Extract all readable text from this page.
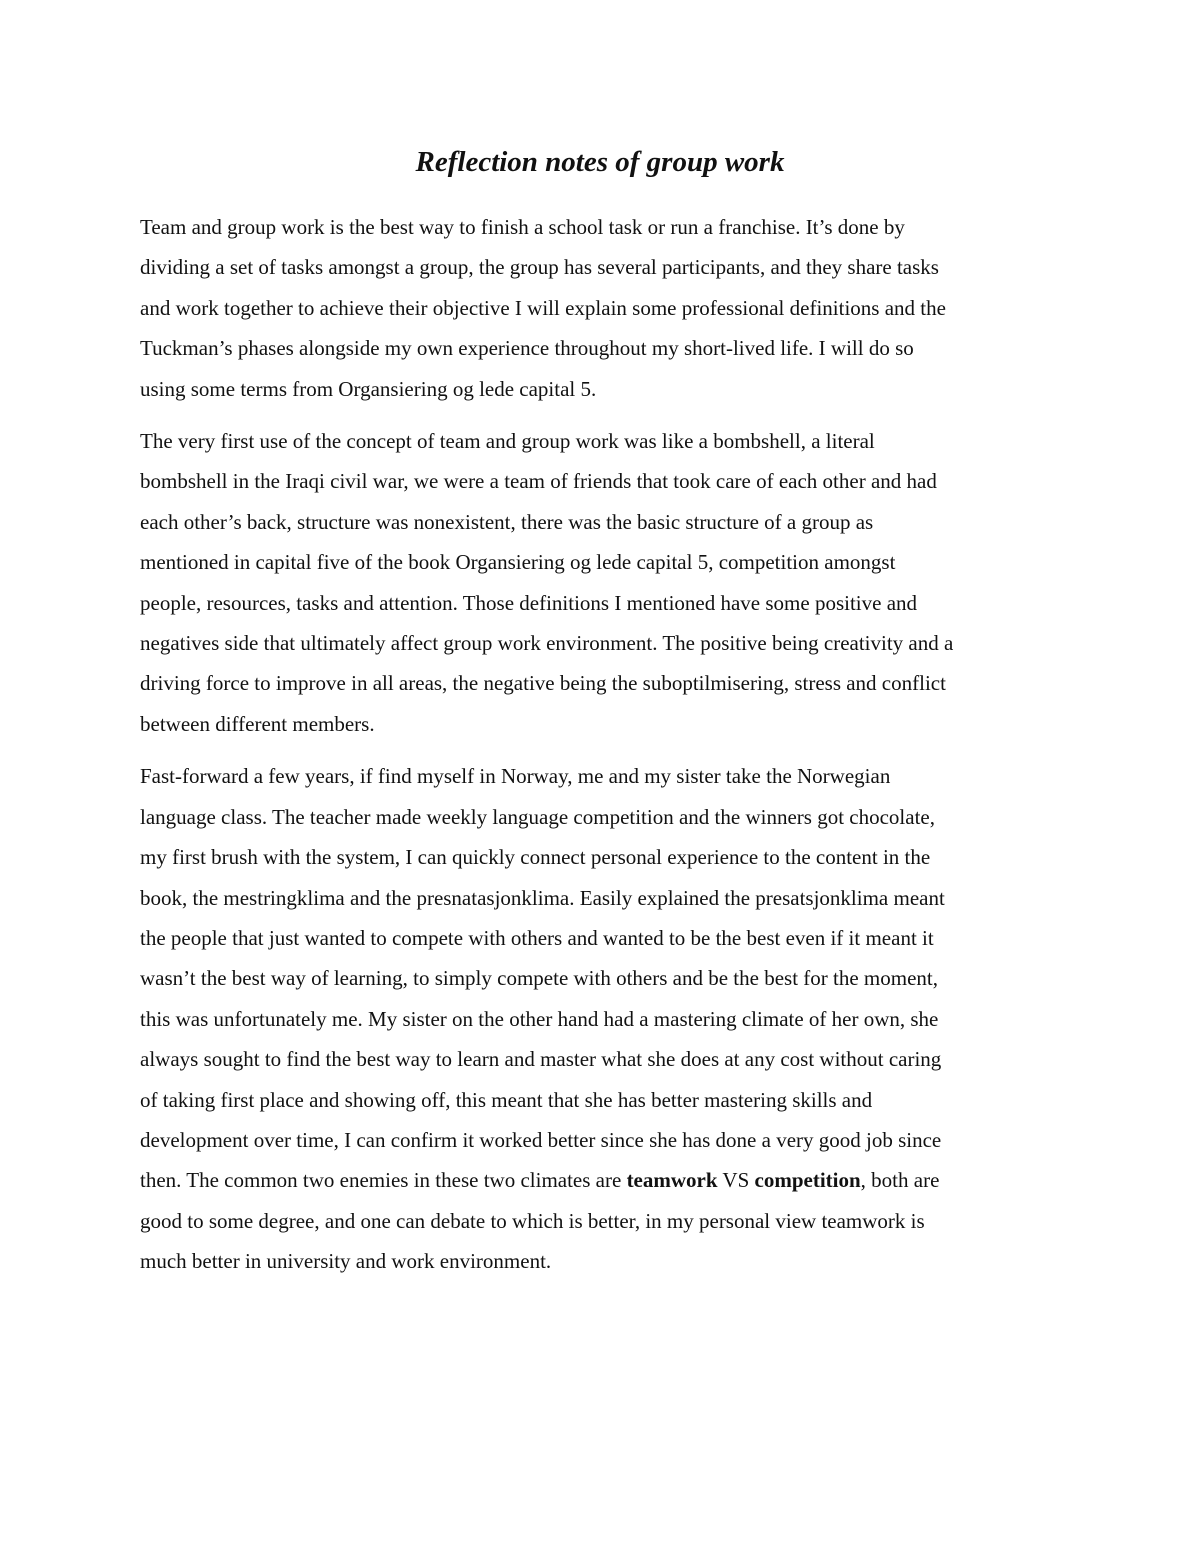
Reflection notes of group work

Team and group work is the best way to finish a school task or run a franchise. It’s done by
dividing a set of tasks amongst a group, the group has several participants, and they share tasks
and work together to achieve their objective I will explain some professional definitions and the
Tuckman’s phases alongside my own experience throughout my short-lived life. I will do so
using some terms from Organsiering og lede capital 5.

The very first use of the concept of team and group work was like a bombshell, a literal
bombshell in the Iraqi civil war, we were a team of friends that took care of each other and had
each other’s back, structure was nonexistent, there was the basic structure of a group as
mentioned in capital five of the book Organsiering og lede capital 5, competition amongst
people, resources, tasks and attention. Those definitions I mentioned have some positive and
negatives side that ultimately affect group work environment. The positive being creativity and a
driving force to improve in all areas, the negative being the suboptilmisering, stress and conflict
between different members.

Fast-forward a few years, if find myself in Norway, me and my sister take the Norwegian
language class. The teacher made weekly language competition and the winners got chocolate,
my first brush with the system, I can quickly connect personal experience to the content in the
book, the mestringklima and the presnatasjonklima. Easily explained the presatsjonklima meant
the people that just wanted to compete with others and wanted to be the best even if it meant it
wasn’t the best way of learning, to simply compete with others and be the best for the moment,
this was unfortunately me. My sister on the other hand had a mastering climate of her own, she
always sought to find the best way to learn and master what she does at any cost without caring
of taking first place and showing off, this meant that she has better mastering skills and
development over time, I can confirm it worked better since she has done a very good job since
then. The common two enemies in these two climates are teamwork VS competition, both are
good to some degree, and one can debate to which is better, in my personal view teamwork is
much better in university and work environment.
